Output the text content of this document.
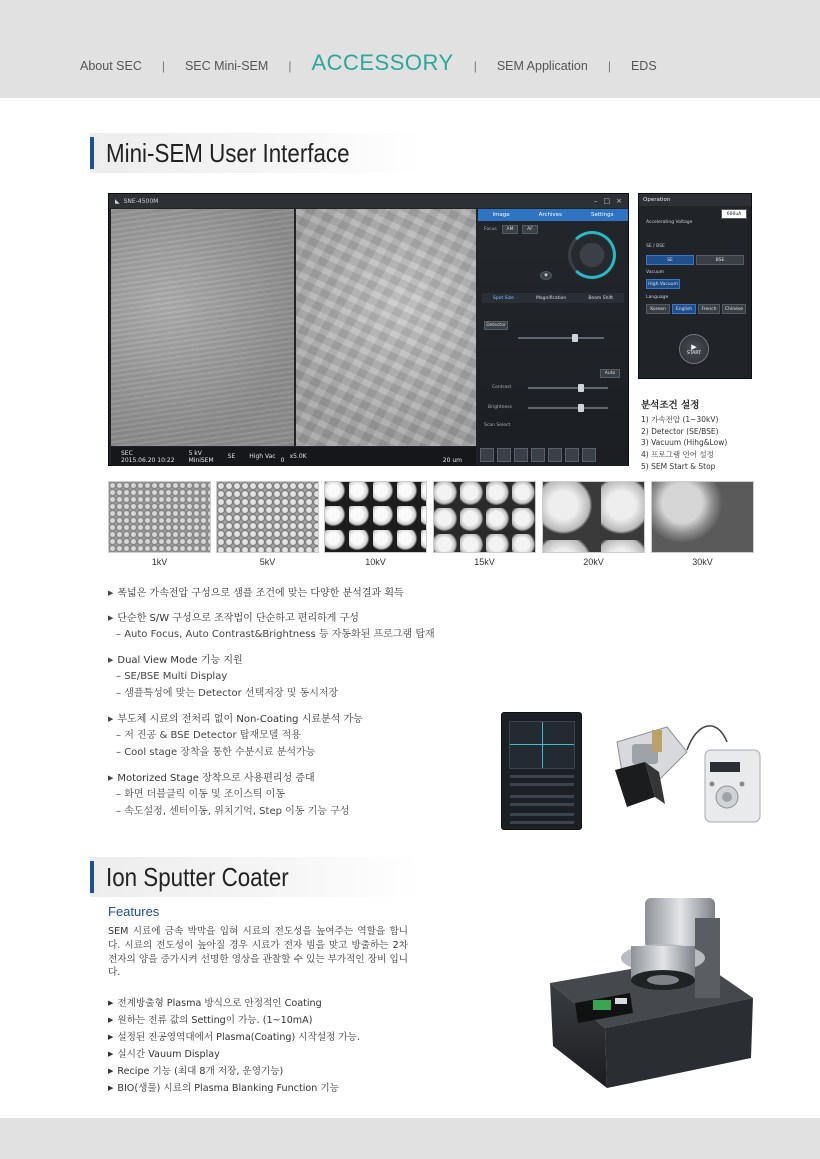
About SEC | SEC Mini-SEM | ACCESSORY | SEM Application | EDS
Mini-SEM User Interface
◣ SNE-4500M	– □ ×
SEC
2015.06.20 10:22
5 kV
MiniSEM SE High Vac x5.0K
0	20 um
Image	Archives	Settings
Focus	AM	AF
◉
Spot Size	Magnification	Beam Shift
Detector
Auto
Contrast
Brightness
Scan Select
Operation
Accelerating Voltage
600uA
SE / BSE
SE	BSE
Vacuum
High Vacuum
Language
Korean	English	French	Chinese
▶
START
분석조건 설정
1) 가속전압 (1~30kV)
2) Detector (SE/BSE)
3) Vacuum (Hihg&Low)
4) 프로그램 언어 설정
5) SEM Start & Stop
1kV	5kV	10kV	15kV	20kV	30kV
▶ 폭넓은 가속전압 구성으로 샘플 조건에 맞는 다양한 분석결과 획득
▶ 단순한 S/W 구성으로 조작법이 단순하고 편리하게 구성
– Auto Focus, Auto Contrast&Brightness 등 자동화된 프로그램 탑재
▶ Dual View Mode 기능 지원
– SE/BSE Multi Display
– 샘플특성에 맞는 Detector 선택저장 및 동시저장
▶ 부도체 시료의 전처리 없이 Non-Coating 시료분석 가능
– 저 진공 & BSE Detector 탑재모델 적용
– Cool stage 장착을 통한 수분시료 분석가능
▶ Motorized Stage 장착으로 사용편리성 증대
– 화면 더블클릭 이동 및 조이스틱 이동
– 속도설정, 센터이동, 위치기억, Step 이동 기능 구성
Ion Sputter Coater
Features
SEM 시료에 금속 박막을 입혀 시료의 전도성을 높여주는 역할을 합니다. 시료의 전도성이 높아질 경우 시료가 전자 빔을 맞고 방출하는 2차 전자의 양을 증가시켜 선명한 영상을 관찰할 수 있는 부가적인 장비 입니다.
▶ 전계방출형 Plasma 방식으로 안정적인 Coating
▶ 원하는 전류 값의 Setting이 가능. (1~10mA)
▶ 설정된 진공영역대에서 Plasma(Coating) 시작설정 가능.
▶ 실시간 Vauum Display
▶ Recipe 기능 (최대 8개 저장, 운영기능)
▶ BIO(생물) 시료의 Plasma Blanking Function 기능
